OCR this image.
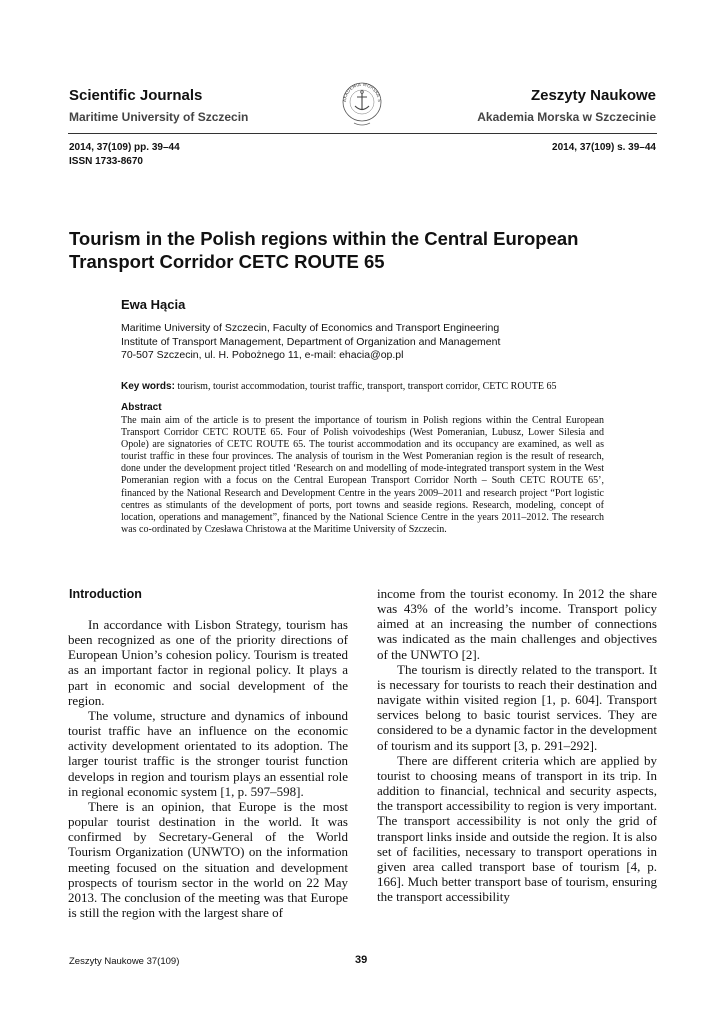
Scientific Journals
Maritime University of Szczecin
AKADEMIA MORSKA S	Zeszyty Naukowe
Akademia Morska w Szczecinie
2014, 37(109) pp. 39–44
ISSN 1733-8670
2014, 37(109) s. 39–44
Tourism in the Polish regions within the Central European Transport Corridor CETC ROUTE 65
Ewa Hącia
Maritime University of Szczecin, Faculty of Economics and Transport Engineering
Institute of Transport Management, Department of Organization and Management
70-507 Szczecin, ul. H. Pobożnego 11, e-mail: ehacia@op.pl
Key words: tourism, tourist accommodation, tourist traffic, transport, transport corridor, CETC ROUTE 65
Abstract
The main aim of the article is to present the importance of tourism in Polish regions within the Central European Transport Corridor CETC ROUTE 65. Four of Polish voivodeships (West Pomeranian, Lubusz, Lower Silesia and Opole) are signatories of CETC ROUTE 65. The tourist accommodation and its occupancy are examined, as well as tourist traffic in these four provinces. The analysis of tourism in the West Pomeranian region is the result of research, done under the development project titled ‘Research on and modelling of mode-integrated transport system in the West Pomeranian region with a focus on the Central European Transport Corridor North – South CETC ROUTE 65’, financed by the National Research and Development Centre in the years 2009–2011 and research project “Port logistic centres as stimulants of the development of ports, port towns and seaside regions. Research, modeling, concept of location, operations and management”, financed by the National Science Centre in the years 2011–2012. The research was co-ordinated by Czesława Christowa at the Maritime University of Szczecin.
Introduction

In accordance with Lisbon Strategy, tourism has been recognized as one of the priority directions of European Union’s cohesion policy. Tourism is treated as an important factor in regional policy. It plays a part in economic and social development of the region.

The volume, structure and dynamics of inbound tourist traffic have an influence on the economic activity development orientated to its adoption. The larger tourist traffic is the stronger tourist function develops in region and tourism plays an essential role in regional economic system [1, p. 597–598].

There is an opinion, that Europe is the most popular tourist destination in the world. It was confirmed by Secretary-General of the World Tourism Organization (UNWTO) on the information meeting focused on the situation and development prospects of tourism sector in the world on 22 May 2013. The conclusion of the meeting was that Europe is still the region with the largest share of

income from the tourist economy. In 2012 the share was 43% of the world’s income. Transport policy aimed at an increasing the number of connections was indicated as the main challenges and objectives of the UNWTO [2].

The tourism is directly related to the transport. It is necessary for tourists to reach their destination and navigate within visited region [1, p. 604]. Transport services belong to basic tourist services. They are considered to be a dynamic factor in the development of tourism and its support [3, p. 291–292].

There are different criteria which are applied by tourist to choosing means of transport in its trip. In addition to financial, technical and security aspects, the transport accessibility to region is very important. The transport accessibility is not only the grid of transport links inside and outside the region. It is also set of facilities, necessary to transport operations in given area called transport base of tourism [4, p. 166]. Much better transport base of tourism, ensuring the transport accessibility

Zeszyty Naukowe 37(109)	39
